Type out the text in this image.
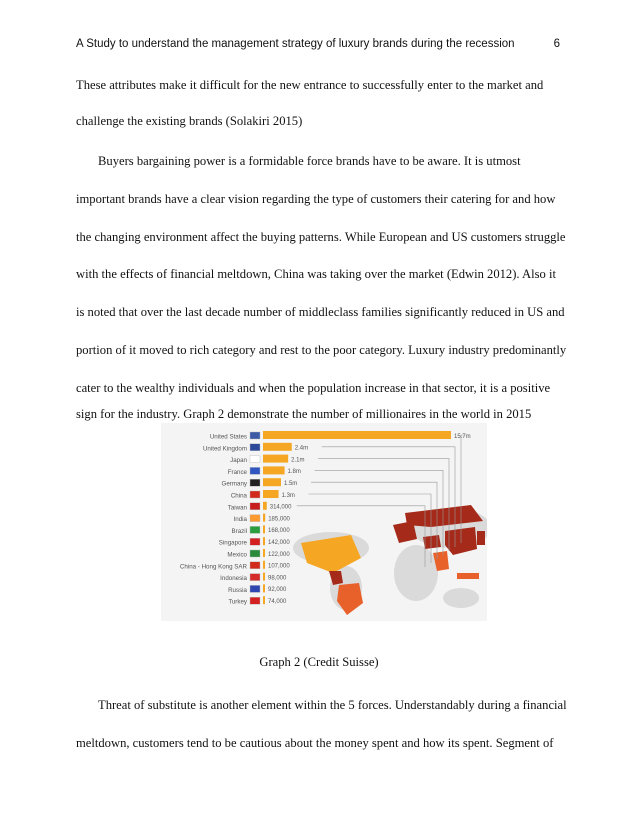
A Study to understand the management strategy of luxury brands during the recession	6
These attributes make it difficult for the new entrance to successfully enter to the market and
challenge the existing brands (Solakiri 2015)
Buyers bargaining power is a formidable force brands have to be aware. It is utmost
important brands have a clear vision regarding the type of customers their catering for and how
the changing environment affect the buying patterns. While European and US customers struggle
with the effects of financial meltdown, China was taking over the market (Edwin 2012). Also it
is noted that over the last decade number of middleclass families significantly reduced in US and
portion of it moved to rich category and rest to the poor category. Luxury industry predominantly
cater to the wealthy individuals and when the population increase in that sector, it is a positive
sign for the industry. Graph 2 demonstrate the number of millionaires in the world in 2015
United States	15.7m
United Kingdom	2.4m
Japan	2.1m
France	1.8m
Germany	1.5m
China	1.3m
Taiwan	314,000
India	185,000
Brazil	168,000
Singapore	142,000
Mexico	122,000
China - Hong Kong SAR	107,000
Indonesia	98,000
Russia	92,000
Turkey	74,000
Graph 2 (Credit Suisse)
Threat of substitute is another element within the 5 forces. Understandably during a financial
meltdown, customers tend to be cautious about the money spent and how its spent. Segment of
